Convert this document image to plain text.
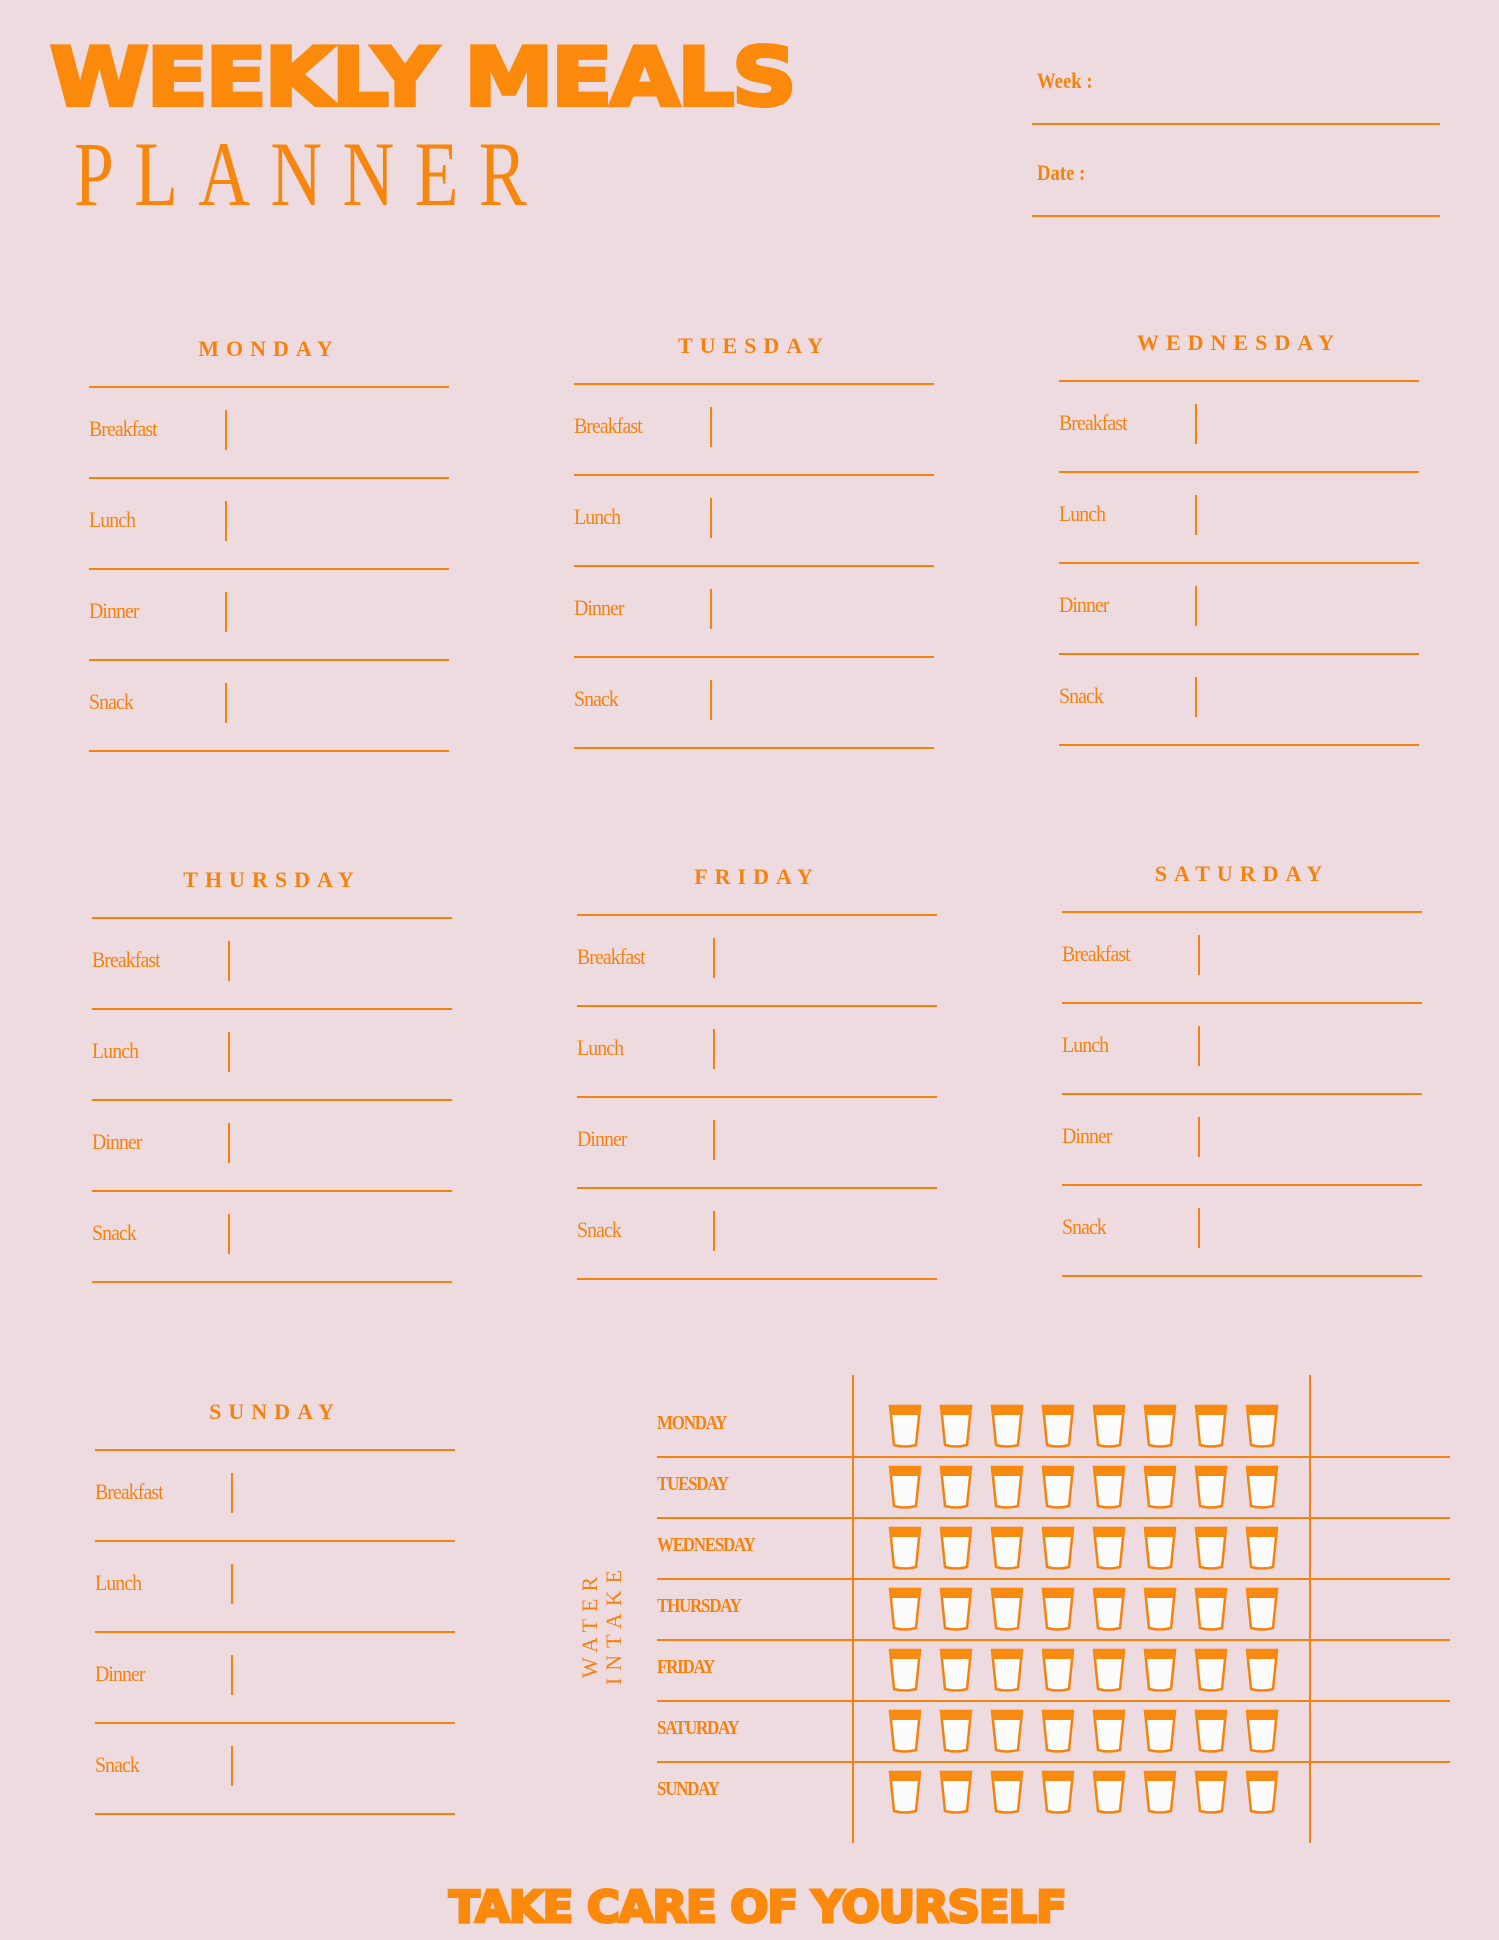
WEEKLY MEALS
PLANNER
Week :
Date :
MONDAY
Breakfast
Lunch
Dinner
Snack
TUESDAY
Breakfast
Lunch
Dinner
Snack
WEDNESDAY
Breakfast
Lunch
Dinner
Snack
THURSDAY
Breakfast
Lunch
Dinner
Snack
FRIDAY
Breakfast
Lunch
Dinner
Snack
SATURDAY
Breakfast
Lunch
Dinner
Snack
SUNDAY
Breakfast
Lunch
Dinner
Snack
WATER INTAKE
MONDAY
TUESDAY
WEDNESDAY
THURSDAY
FRIDAY
SATURDAY
SUNDAY
TAKE CARE OF YOURSELF
